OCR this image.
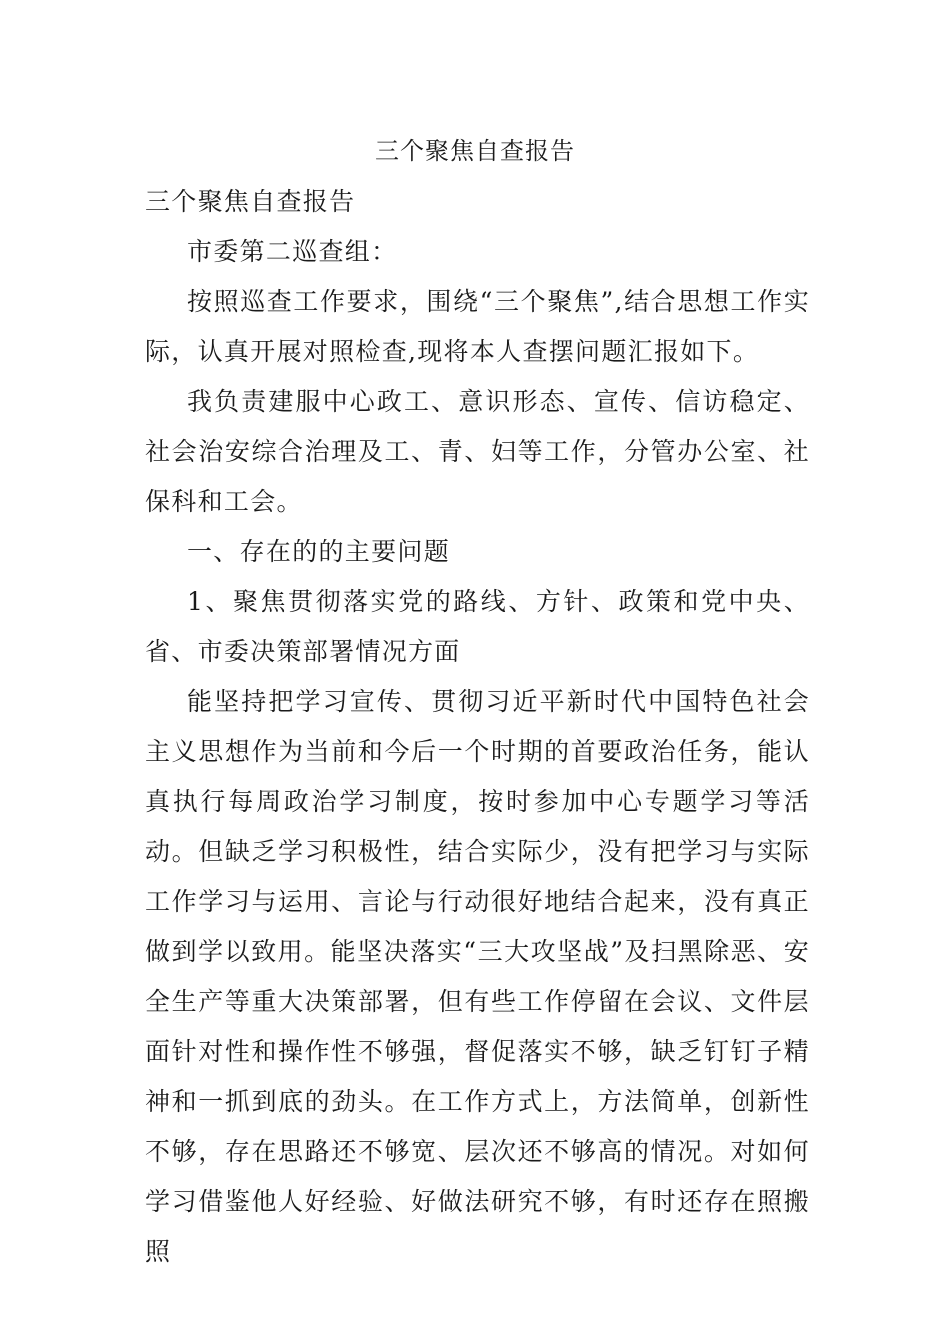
三个聚焦自查报告

三个聚焦自查报告

市委第二巡查组：

按照巡查工作要求，围绕“三个聚焦”,结合思想工作实际，认真开展对照检查,现将本人查摆问题汇报如下。

我负责建服中心政工、意识形态、宣传、信访稳定、社会治安综合治理及工、青、妇等工作，分管办公室、社保科和工会。

一、存在的的主要问题

1、聚焦贯彻落实党的路线、方针、政策和党中央、省、市委决策部署情况方面

能坚持把学习宣传、贯彻习近平新时代中国特色社会主义思想作为当前和今后一个时期的首要政治任务，能认真执行每周政治学习制度，按时参加中心专题学习等活动。但缺乏学习积极性，结合实际少，没有把学习与实际工作学习与运用、言论与行动很好地结合起来，没有真正做到学以致用。能坚决落实“三大攻坚战”及扫黑除恶、安全生产等重大决策部署，但有些工作停留在会议、文件层面针对性和操作性不够强，督促落实不够，缺乏钉钉子精神和一抓到底的劲头。在工作方式上，方法简单，创新性不够，存在思路还不够宽、层次还不够高的情况。对如何学习借鉴他人好经验、好做法研究不够，有时还存在照搬照
